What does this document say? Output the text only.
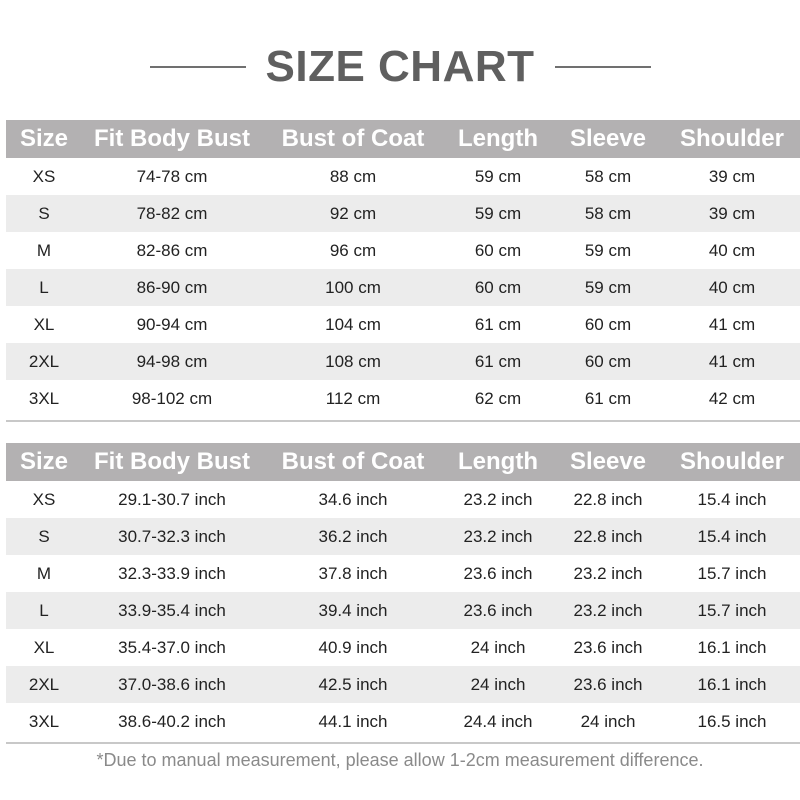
SIZE CHART
Size	Fit Body Bust	Bust of Coat	Length	Sleeve	Shoulder
XS	74-78 cm	88 cm	59 cm	58 cm	39 cm
S	78-82 cm	92 cm	59 cm	58 cm	39 cm
M	82-86 cm	96 cm	60 cm	59 cm	40 cm
L	86-90 cm	100 cm	60 cm	59 cm	40 cm
XL	90-94 cm	104 cm	61 cm	60 cm	41 cm
2XL	94-98 cm	108 cm	61 cm	60 cm	41 cm
3XL	98-102 cm	112 cm	62 cm	61 cm	42 cm
Size	Fit Body Bust	Bust of Coat	Length	Sleeve	Shoulder
XS	29.1-30.7 inch	34.6 inch	23.2 inch	22.8 inch	15.4 inch
S	30.7-32.3 inch	36.2 inch	23.2 inch	22.8 inch	15.4 inch
M	32.3-33.9 inch	37.8 inch	23.6 inch	23.2 inch	15.7 inch
L	33.9-35.4 inch	39.4 inch	23.6 inch	23.2 inch	15.7 inch
XL	35.4-37.0 inch	40.9 inch	24 inch	23.6 inch	16.1 inch
2XL	37.0-38.6 inch	42.5 inch	24 inch	23.6 inch	16.1 inch
3XL	38.6-40.2 inch	44.1 inch	24.4 inch	24 inch	16.5 inch
*Due to manual measurement, please allow 1-2cm measurement difference.
